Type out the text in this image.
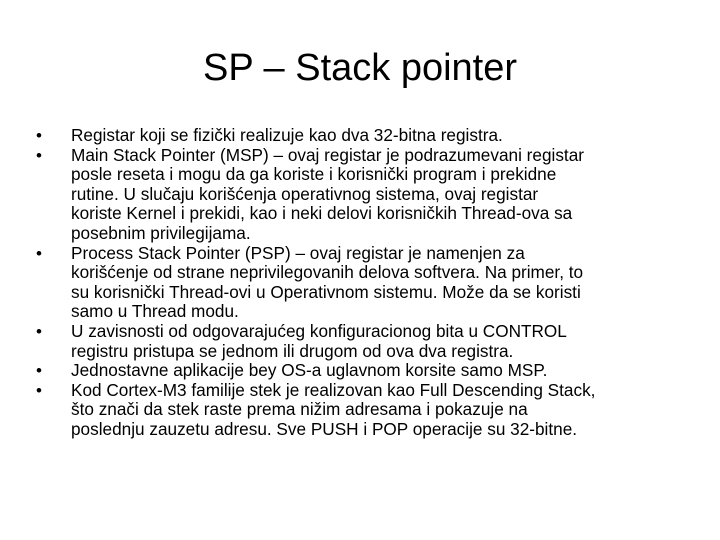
SP – Stack pointer
• Registar koji se fizički realizuje kao dva 32-bitna registra.
• Main Stack Pointer (MSP) – ovaj registar je podrazumevani registar
posle reseta i mogu da ga koriste i korisnički program i prekidne
rutine. U slučaju korišćenja operativnog sistema, ovaj registar
koriste Kernel i prekidi, kao i neki delovi korisničkih Thread-ova sa
posebnim privilegijama.
• Process Stack Pointer (PSP) – ovaj registar je namenjen za
korišćenje od strane neprivilegovanih delova softvera. Na primer, to
su korisnički Thread-ovi u Operativnom sistemu. Može da se koristi
samo u Thread modu.
• U zavisnosti od odgovarajućeg konfiguracionog bita u CONTROL
registru pristupa se jednom ili drugom od ova dva registra.
• Jednostavne aplikacije bey OS-a uglavnom korsite samo MSP.
• Kod Cortex-M3 familije stek je realizovan kao Full Descending Stack,
što znači da stek raste prema nižim adresama i pokazuje na
poslednju zauzetu adresu. Sve PUSH i POP operacije su 32-bitne.
